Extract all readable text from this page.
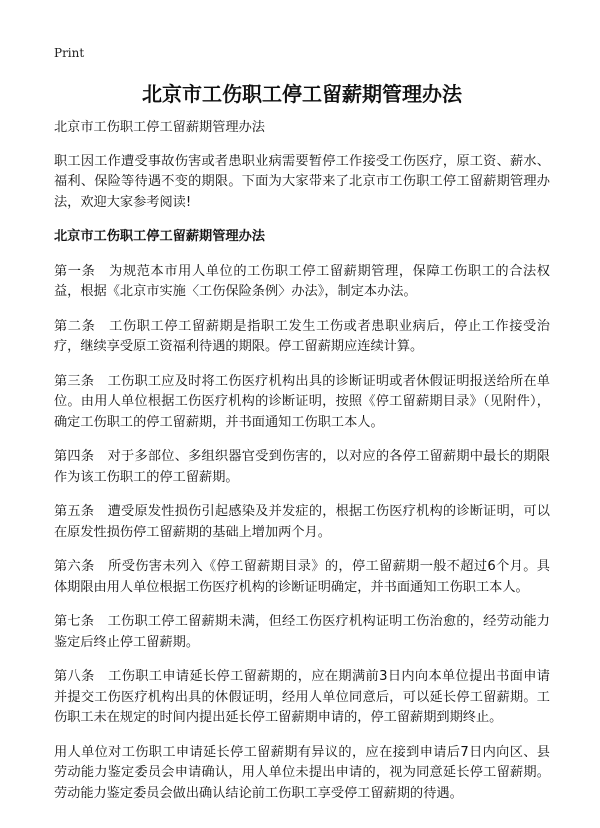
Print
北京市工伤职工停工留薪期管理办法

北京市工伤职工停工留薪期管理办法

职工因工作遭受事故伤害或者患职业病需要暂停工作接受工伤医疗，原工资、薪水、福利、保险等待遇不变的期限。下面为大家带来了北京市工伤职工停工留薪期管理办法，欢迎大家参考阅读!

北京市工伤职工停工留薪期管理办法

第一条　为规范本市用人单位的工伤职工停工留薪期管理，保障工伤职工的合法权益，根据《北京市实施〈工伤保险条例〉办法》，制定本办法。

第二条　工伤职工停工留薪期是指职工发生工伤或者患职业病后，停止工作接受治疗，继续享受原工资福利待遇的期限。停工留薪期应连续计算。

第三条　工伤职工应及时将工伤医疗机构出具的诊断证明或者休假证明报送给所在单位。由用人单位根据工伤医疗机构的诊断证明，按照《停工留薪期目录》（见附件），确定工伤职工的停工留薪期，并书面通知工伤职工本人。

第四条　对于多部位、多组织器官受到伤害的，以对应的各停工留薪期中最长的期限作为该工伤职工的停工留薪期。

第五条　遭受原发性损伤引起感染及并发症的，根据工伤医疗机构的诊断证明，可以在原发性损伤停工留薪期的基础上增加两个月。

第六条　所受伤害未列入《停工留薪期目录》的，停工留薪期一般不超过6个月。具体期限由用人单位根据工伤医疗机构的诊断证明确定，并书面通知工伤职工本人。

第七条　工伤职工停工留薪期未满，但经工伤医疗机构证明工伤治愈的，经劳动能力鉴定后终止停工留薪期。

第八条　工伤职工申请延长停工留薪期的，应在期满前3日内向本单位提出书面申请并提交工伤医疗机构出具的休假证明，经用人单位同意后，可以延长停工留薪期。工伤职工未在规定的时间内提出延长停工留薪期申请的，停工留薪期到期终止。

用人单位对工伤职工申请延长停工留薪期有异议的，应在接到申请后7日内向区、县劳动能力鉴定委员会申请确认，用人单位未提出申请的，视为同意延长停工留薪期。劳动能力鉴定委员会做出确认结论前工伤职工享受停工留薪期的待遇。
